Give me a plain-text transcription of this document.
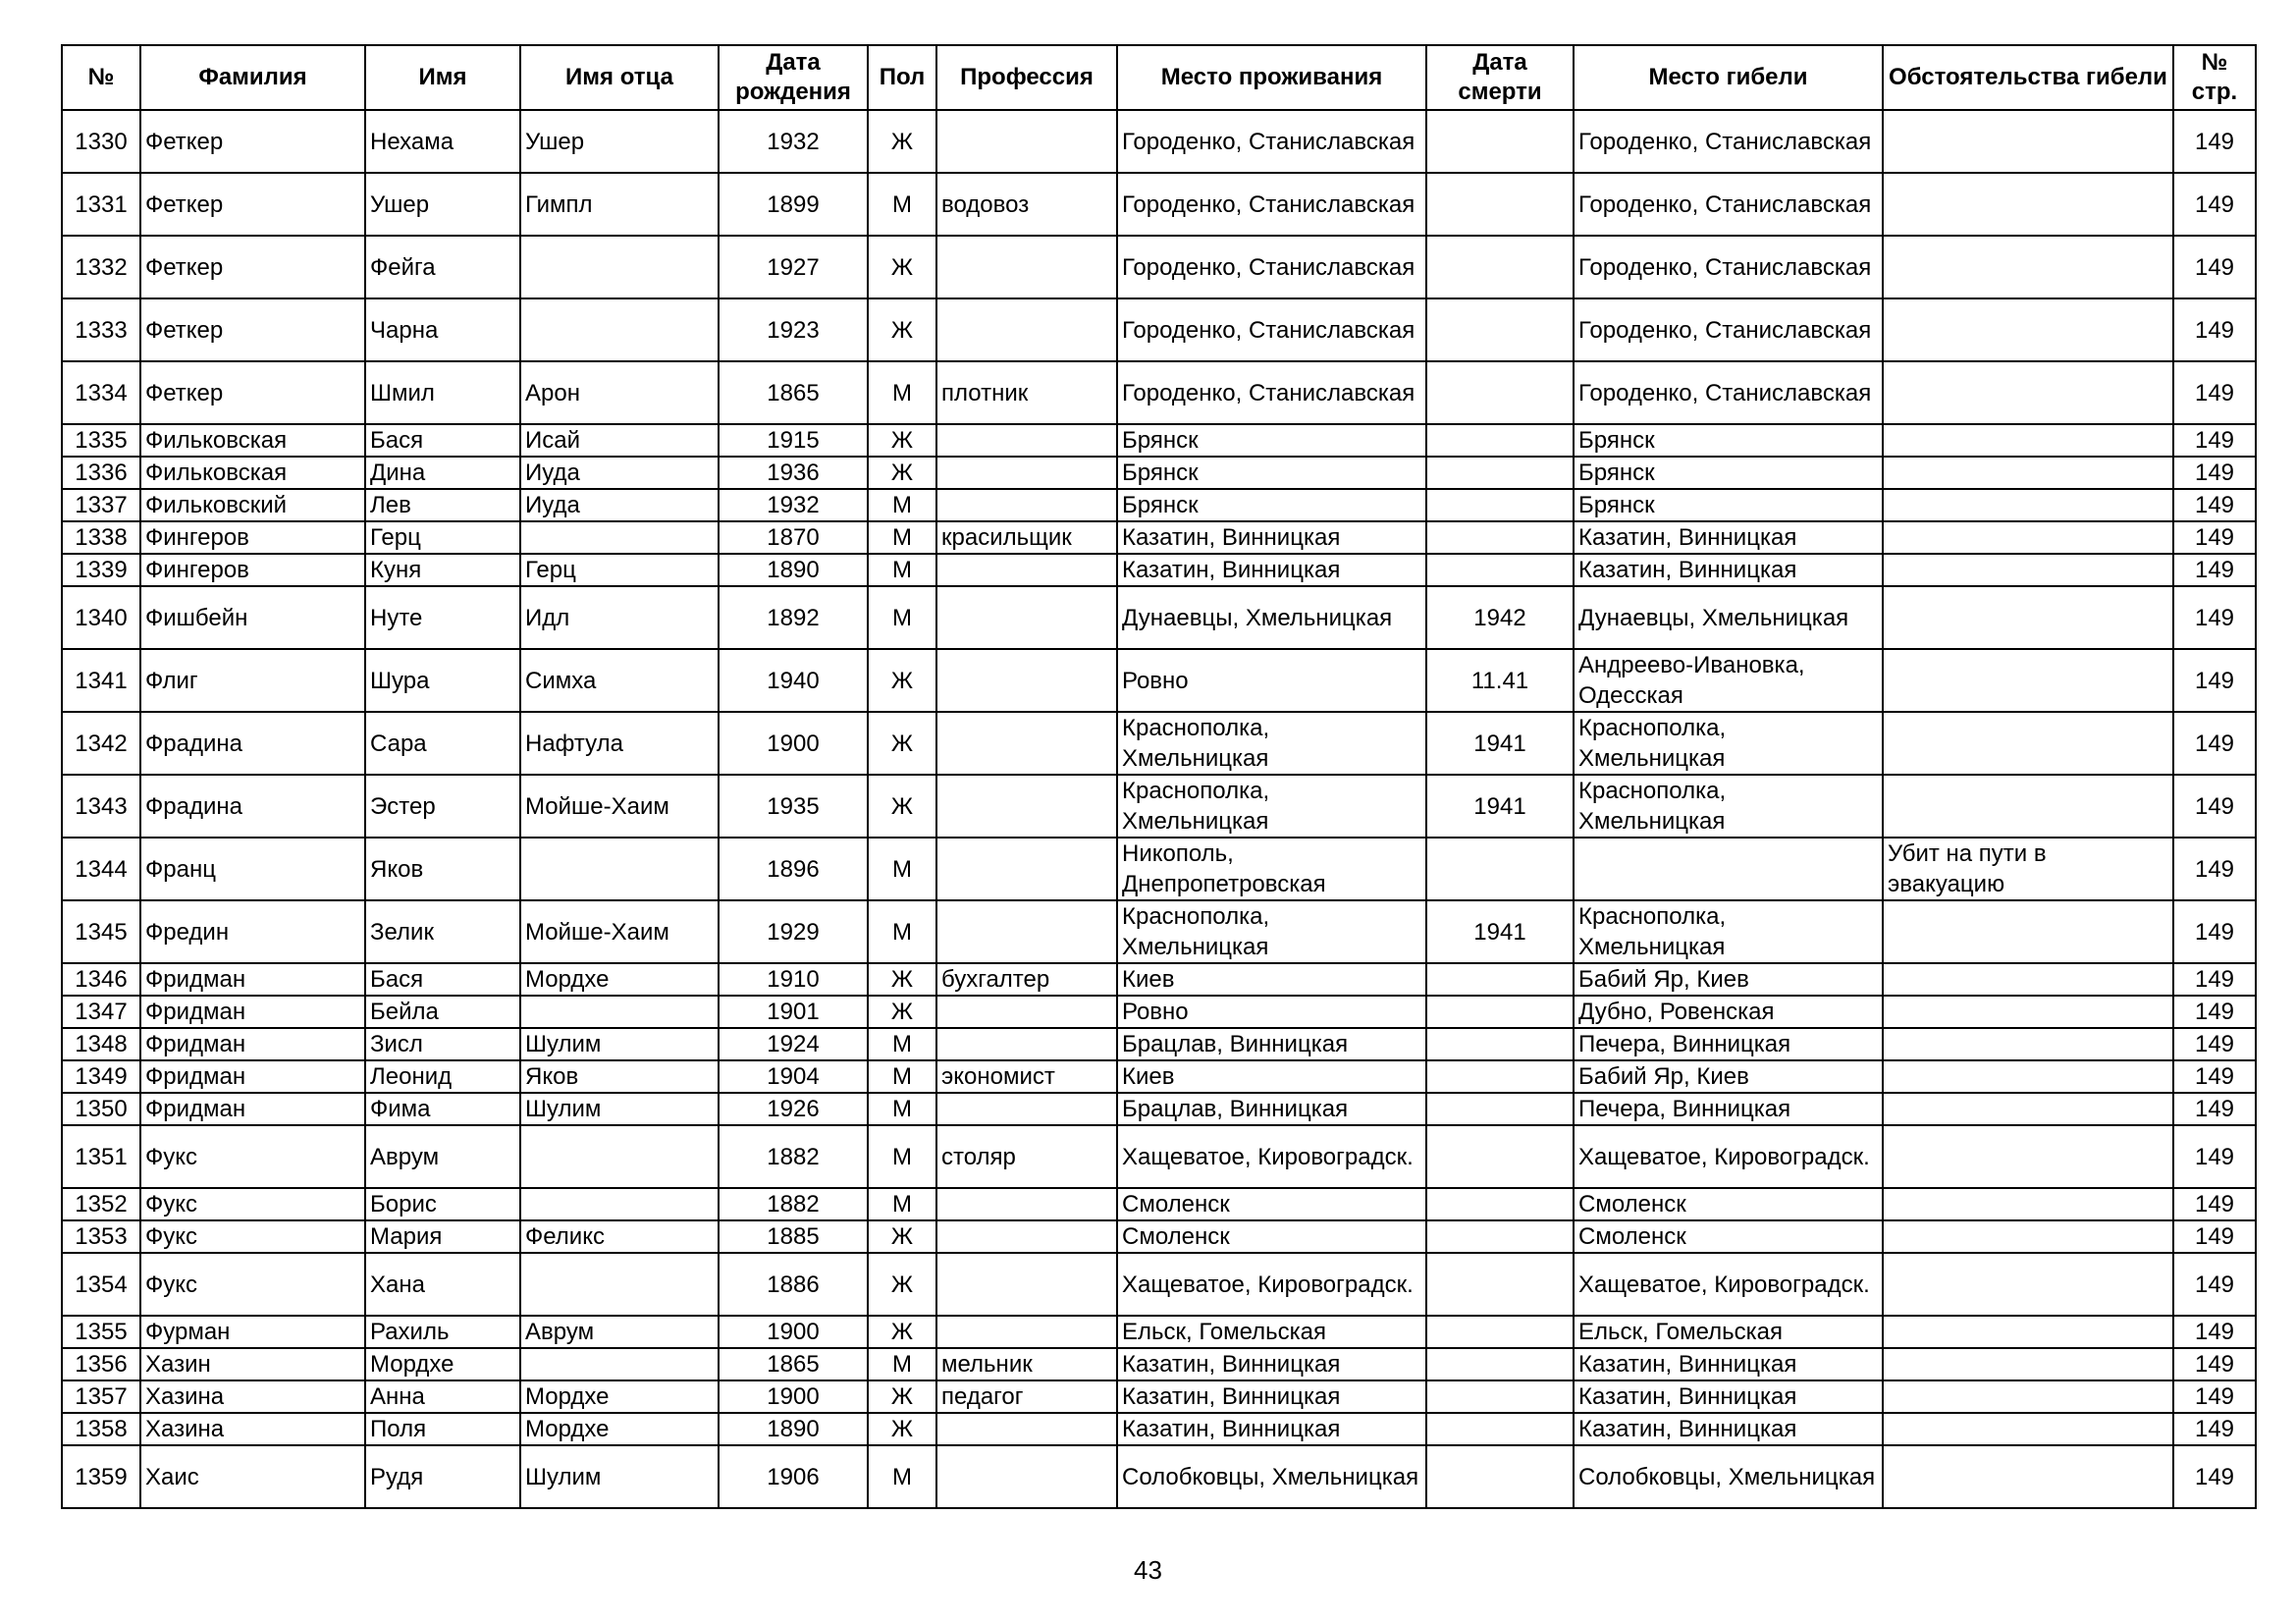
№	Фамилия	Имя	Имя отца	Дата рождения	Пол	Профессия	Место проживания	Дата смерти	Место гибели	Обстоятельства гибели	№ стр.
1330	Феткер	Нехама	Ушер	1932	Ж		Городенко, Станиславская		Городенко, Станиславская		149
1331	Феткер	Ушер	Гимпл	1899	М	водовоз	Городенко, Станиславская		Городенко, Станиславская		149
1332	Феткер	Фейга		1927	Ж		Городенко, Станиславская		Городенко, Станиславская		149
1333	Феткер	Чарна		1923	Ж		Городенко, Станиславская		Городенко, Станиславская		149
1334	Феткер	Шмил	Арон	1865	М	плотник	Городенко, Станиславская		Городенко, Станиславская		149
1335	Фильковская	Бася	Исай	1915	Ж		Брянск		Брянск		149
1336	Фильковская	Дина	Иуда	1936	Ж		Брянск		Брянск		149
1337	Фильковский	Лев	Иуда	1932	М		Брянск		Брянск		149
1338	Фингеров	Герц		1870	М	красильщик	Казатин, Винницкая		Казатин, Винницкая		149
1339	Фингеров	Куня	Герц	1890	М		Казатин, Винницкая		Казатин, Винницкая		149
1340	Фишбейн	Нуте	Идл	1892	М		Дунаевцы, Хмельницкая	1942	Дунаевцы, Хмельницкая		149
1341	Флиг	Шура	Симха	1940	Ж		Ровно	11.41	Андреево-Ивановка, Одесская		149
1342	Фрадина	Сара	Нафтула	1900	Ж		Краснополка, Хмельницкая	1941	Краснополка, Хмельницкая		149
1343	Фрадина	Эстер	Мойше-Хаим	1935	Ж		Краснополка, Хмельницкая	1941	Краснополка, Хмельницкая		149
1344	Франц	Яков		1896	М		Никополь, Днепропетровская			Убит на пути в эвакуацию	149
1345	Фредин	Зелик	Мойше-Хаим	1929	М		Краснополка, Хмельницкая	1941	Краснополка, Хмельницкая		149
1346	Фридман	Бася	Мордхе	1910	Ж	бухгалтер	Киев		Бабий Яр, Киев		149
1347	Фридман	Бейла		1901	Ж		Ровно		Дубно, Ровенская		149
1348	Фридман	Зисл	Шулим	1924	М		Брацлав, Винницкая		Печера, Винницкая		149
1349	Фридман	Леонид	Яков	1904	М	экономист	Киев		Бабий Яр, Киев		149
1350	Фридман	Фима	Шулим	1926	М		Брацлав, Винницкая		Печера, Винницкая		149
1351	Фукс	Аврум		1882	М	столяр	Хащеватое, Кировоградск.		Хащеватое, Кировоградск.		149
1352	Фукс	Борис		1882	М		Смоленск		Смоленск		149
1353	Фукс	Мария	Феликс	1885	Ж		Смоленск		Смоленск		149
1354	Фукс	Хана		1886	Ж		Хащеватое, Кировоградск.		Хащеватое, Кировоградск.		149
1355	Фурман	Рахиль	Аврум	1900	Ж		Ельск, Гомельская		Ельск, Гомельская		149
1356	Хазин	Мордхе		1865	М	мельник	Казатин, Винницкая		Казатин, Винницкая		149
1357	Хазина	Анна	Мордхе	1900	Ж	педагог	Казатин, Винницкая		Казатин, Винницкая		149
1358	Хазина	Поля	Мордхе	1890	Ж		Казатин, Винницкая		Казатин, Винницкая		149
1359	Хаис	Рудя	Шулим	1906	М		Солобковцы, Хмельницкая		Солобковцы, Хмельницкая		149
43
